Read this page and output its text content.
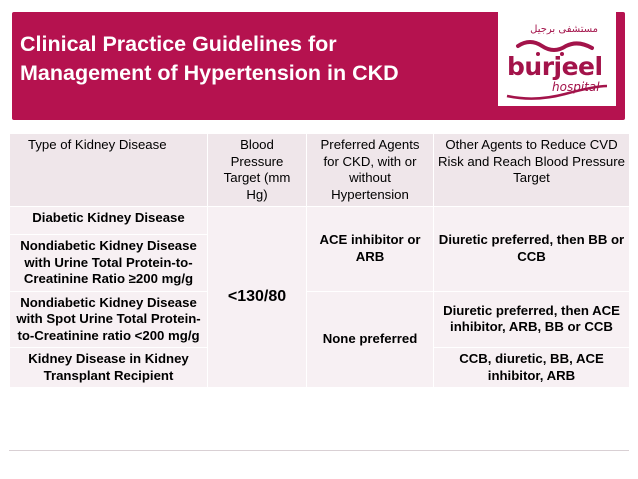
Clinical Practice Guidelines for
Management of Hypertension in CKD
مستشفى برجيل
burjeel
hospital
Type of Kidney Disease	Blood Pressure Target (mm Hg)	Preferred Agents for CKD, with or without Hypertension	Other Agents to Reduce CVD Risk and Reach Blood Pressure Target
Diabetic Kidney Disease	<130/80	ACE inhibitor or ARB	Diuretic preferred, then BB or CCB
Nondiabetic Kidney Disease with Urine Total Protein-to-Creatinine Ratio ≥200 mg/g			
Nondiabetic Kidney Disease with Spot Urine Total Protein-to-Creatinine ratio <200 mg/g		None preferred	Diuretic preferred, then ACE inhibitor, ARB, BB or CCB
Kidney Disease in Kidney Transplant Recipient			CCB, diuretic, BB, ACE inhibitor, ARB
